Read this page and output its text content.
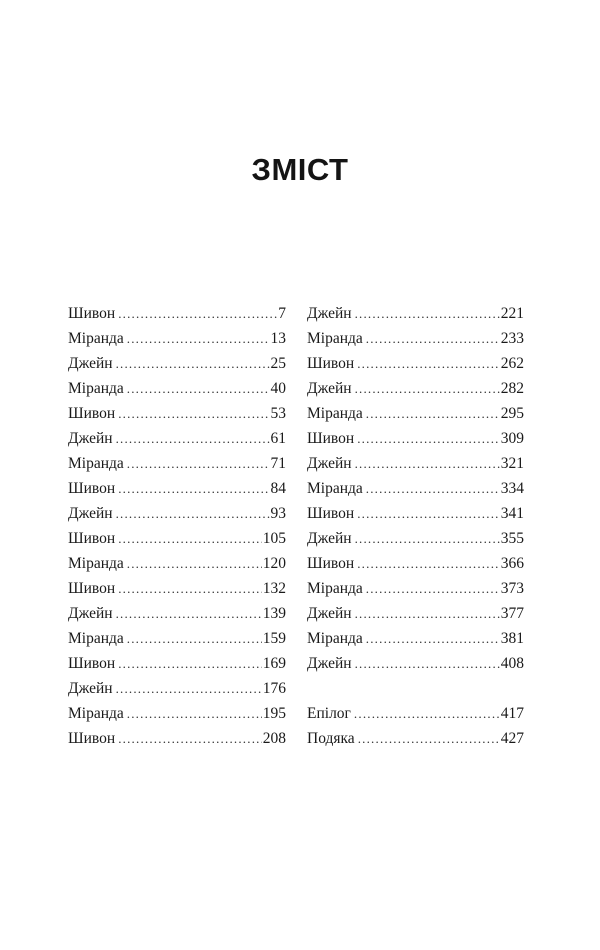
ЗМІСТ
Шивон .....	7
Міранда .....	13
Джейн .....	25
Міранда .....	40
Шивон .....	53
Джейн .....	61
Міранда .....	71
Шивон .....	84
Джейн .....	93
Шивон .....	105
Міранда .....	120
Шивон .....	132
Джейн .....	139
Міранда .....	159
Шивон .....	169
Джейн .....	176
Міранда .....	195
Шивон .....	208
Джейн .....	221
Міранда .....	233
Шивон .....	262
Джейн .....	282
Міранда .....	295
Шивон .....	309
Джейн .....	321
Міранда .....	334
Шивон .....	341
Джейн .....	355
Шивон .....	366
Міранда .....	373
Джейн .....	377
Міранда .....	381
Джейн .....	408
Епілог .....	417
Подяка .....	427
